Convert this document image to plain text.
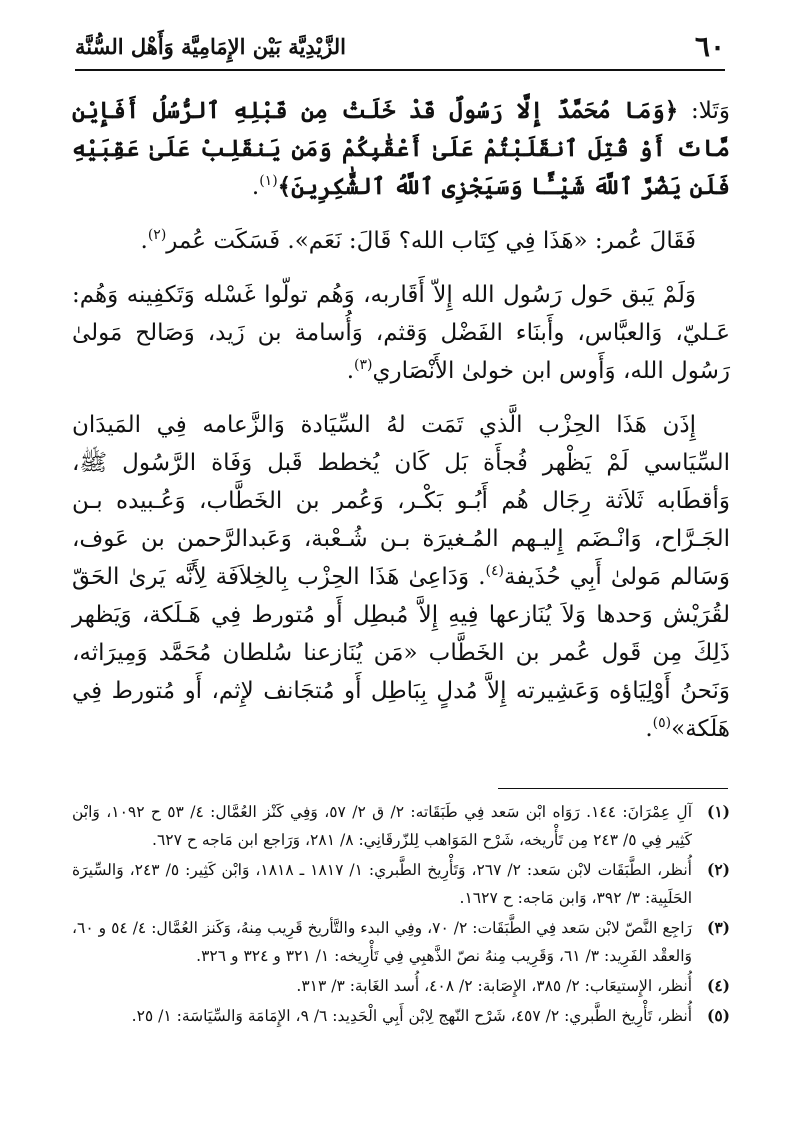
٦٠
الزَّيْدِيَّة بَيْن الإِمَامِيَّة وَأَهْل السُّنَّة

وَتَلا: ﴿وَمَا مُحَمَّدٌ إِلَّا رَسُولٌ قَدْ خَلَتْ مِن قَبْلِهِ ٱلرُّسُلُ أَفَإِيْن مَّاتَ أَوْ قُتِلَ ٱنقَلَبْتُمْ عَلَىٰ أَعْقَٰبِكُمْ وَمَن يَنقَلِبْ عَلَىٰ عَقِبَيْهِ فَلَن يَضُرَّ ٱللَّهَ شَيْـًٔا وَسَيَجْزِى ٱللَّهُ ٱلشَّٰكِرِينَ﴾$^{(١)}$.

فَقَالَ عُمر: «هَذَا فِي كِتَاب الله؟ قَالَ: نَعَم». فَسَكَت عُمر$^{(٢)}$.

وَلَمْ يَبق حَول رَسُول الله إِلاّ أَقَاربه، وَهُم تولّوا غَسْله وَتَكفِينه وَهُم: عَـليّ، وَالعبَّاس، وأَبنَاء الفَضْل وَقثم، وَأُسامة بن زَيد، وَصَالح مَولىٰ رَسُول الله، وَأَوس ابن خولىٰ الأَنْصَاري$^{(٣)}$.

إِذَن هَذَا الحِزْب الَّذي تَمَت لهُ السِّيَادة وَالزَّعامه فِي المَيدَان السِّيَاسي لَمْ يَظْهر فُجأَة بَل كَان يُخطط قَبل وَفَاة الرَّسُول ﷺ، وَأقطَابه ثَلاَثة رِجَال هُم أَبُـو بَكْـر، وَعُمر بن الخَطَّاب، وَعُـبيده بـن الجَـرَّاح، وَانْـضَم إِليـهم المُـغيرَة بـن شُـعْبة، وَعَبدالرَّحمن بن عَوف، وَسَالم مَولىٰ أَبِي حُذَيفة$^{(٤)}$. وَدَاعِىٰ هَذَا الحِزْب بِالخِلاَفَة لِأَنَّه يَرىٰ الحَقّ لقُرَيْش وَحدها وَلاَ يُنَازعها فِيهِ إِلاَّ مُبطِل أَو مُتورط فِي هَـلَكة، وَيَظهر ذَلِكَ مِن قَول عُمر بن الخَطَّاب «مَن يُنَازعنا سُلطان مُحَمَّد وَمِيرَاثه، وَنَحنُ أَوْلِيَاؤه وَعَشِيرته إِلاَّ مُدلٍ بِبَاطِل أَو مُتجَانف لإِثم، أَو مُتورط فِي هَلَكة»$^{(٥)}$.

(١)
آلِ عِمْرَانَ: ١٤٤. رَوَاه ابْن سَعد فِي طَبَقَاته: ٢/ ق ٢/ ٥٧، وَفِي كَنْز العُمَّال: ٤/ ٥٣ ح ١٠٩٢، وَابْن كَثِير فِي ٥/ ٢٤٣ مِن تَأْريخه، شَرْح المَوَاهب لِلزّرقَانِي: ٨/ ٢٨١، وَرَاجع ابن مَاجه ح ٦٢٧.
(٢)
أُنظر، الطَّبَقَات لابْن سَعد: ٢/ ٢٦٧، وَتَأْرِيخ الطَّبري: ١/ ١٨١٧ ـ ١٨١٨، وَابْن كَثِير: ٥/ ٢٤٣، وَالسِّيرَة الحَلَبِية: ٣/ ٣٩٢، وَابن مَاجه: ح ١٦٢٧.
(٣)
رَاجِع النَّصّ لابْن سَعد فِي الطَّبَقَات: ٢/ ٧٠، وفِي البدء والتَّأريخ قَرِيب مِنهُ، وَكَنز العُمَّال: ٤/ ٥٤ و ٦٠، وَالعقْد الفَرِيد: ٣/ ٦١، وَقَرِيب مِنهُ نصّ الذَّهبِي فِي تَأْرِيخه: ١/ ٣٢١ و ٣٢٤ و ٣٢٦.
(٤)
أُنظر، الإِستيعَاب: ٢/ ٣٨٥، الإِصَابة: ٢/ ٤٠٨، أُسد الغَابة: ٣/ ٣١٣.
(٥)
أُنظر، تَأْرِيخ الطَّبري: ٢/ ٤٥٧، شَرْح النّهج لِابْن أَبِي الْحَدِيد: ٦/ ٩، الإِمَامَة وَالسِّيَاسَة: ١/ ٢٥.
